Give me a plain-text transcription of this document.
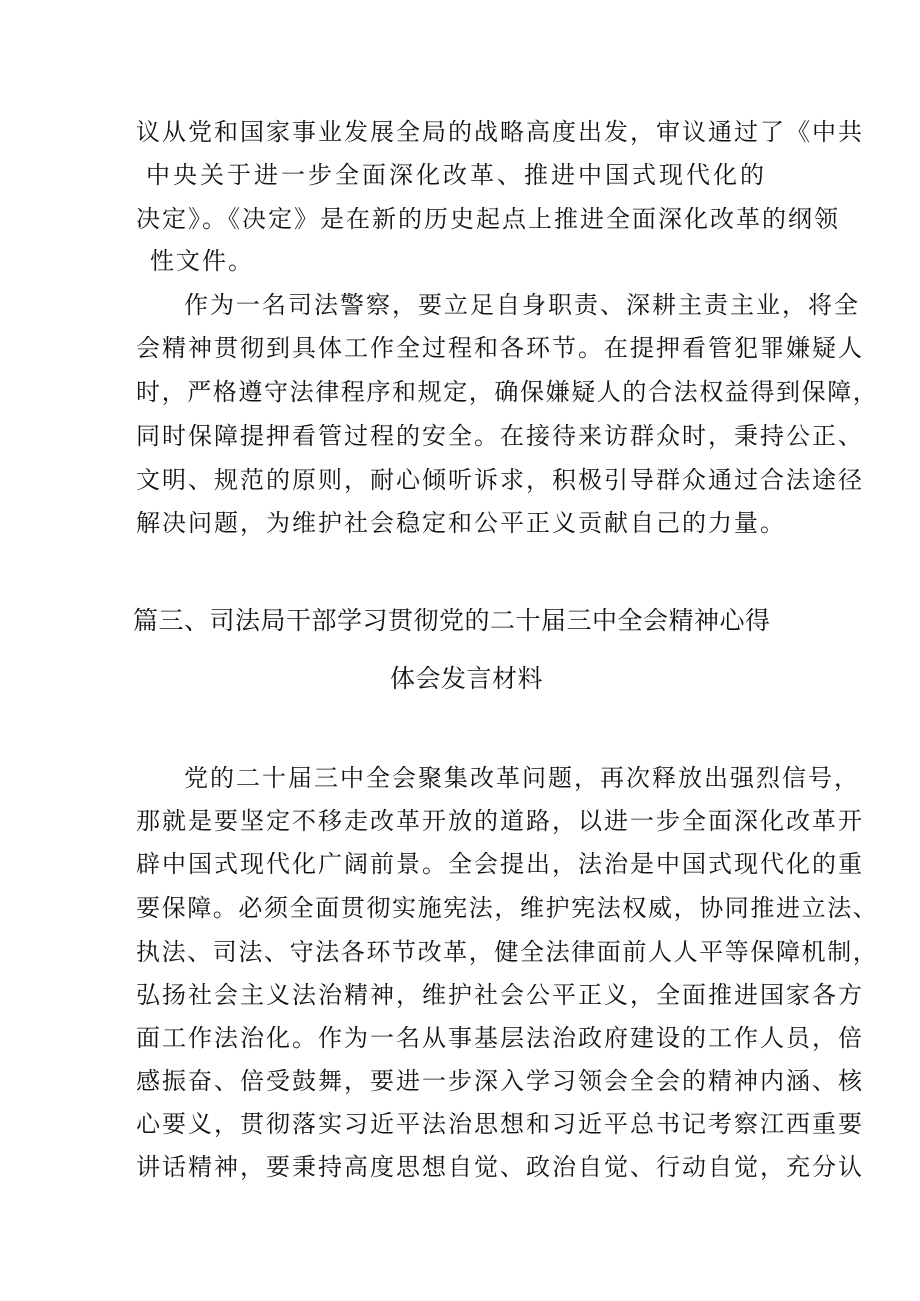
议从党和国家事业发展全局的战略高度出发，审议通过了《中共
中央关于进一步全面深化改革、推进中国式现代化的
决定》。《决定》是在新的历史起点上推进全面深化改革的纲领
性文件。
作为一名司法警察，要立足自身职责、深耕主责主业，将全
会精神贯彻到具体工作全过程和各环节。在提押看管犯罪嫌疑人
时，严格遵守法律程序和规定，确保嫌疑人的合法权益得到保障，
同时保障提押看管过程的安全。在接待来访群众时，秉持公正、
文明、规范的原则，耐心倾听诉求，积极引导群众通过合法途径
解决问题，为维护社会稳定和公平正义贡献自己的力量。
篇三、司法局干部学习贯彻党的二十届三中全会精神心得
体会发言材料
党的二十届三中全会聚集改革问题，再次释放出强烈信号，
那就是要坚定不移走改革开放的道路，以进一步全面深化改革开
辟中国式现代化广阔前景。全会提出，法治是中国式现代化的重
要保障。必须全面贯彻实施宪法，维护宪法权威，协同推进立法、
执法、司法、守法各环节改革，健全法律面前人人平等保障机制，
弘扬社会主义法治精神，维护社会公平正义，全面推进国家各方
面工作法治化。作为一名从事基层法治政府建设的工作人员，倍
感振奋、倍受鼓舞，要进一步深入学习领会全会的精神内涵、核
心要义，贯彻落实习近平法治思想和习近平总书记考察江西重要
讲话精神，要秉持高度思想自觉、政治自觉、行动自觉，充分认
